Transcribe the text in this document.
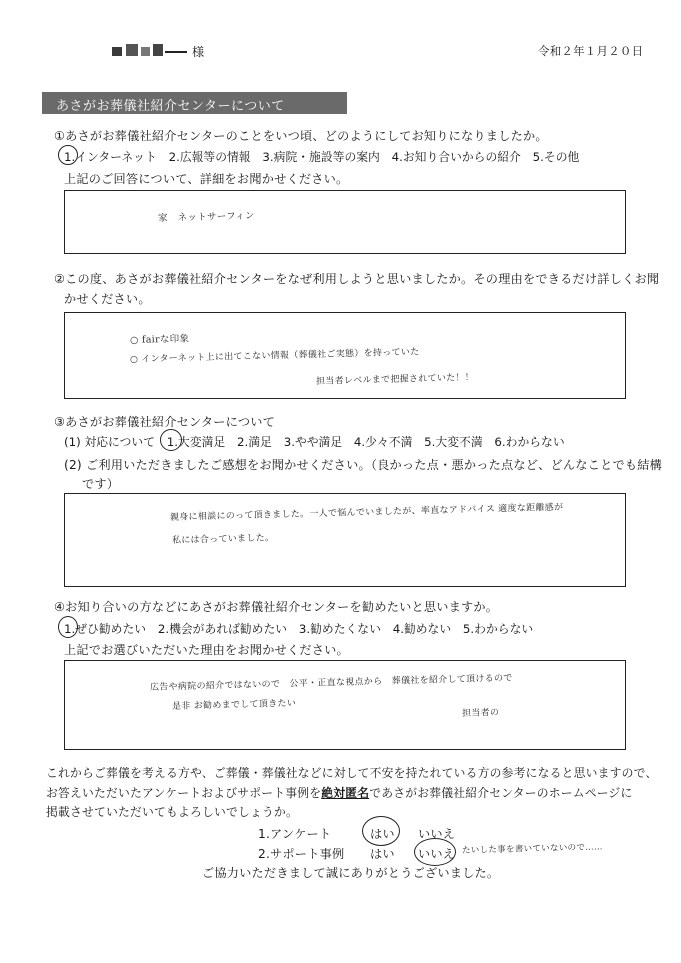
様	令和２年１月２０日
あさがお葬儀社紹介センターについて
①あさがお葬儀社紹介センターのことをいつ頃、どのようにしてお知りになりましたか。
1.インターネット　2.広報等の情報　3.病院・施設等の案内　4.お知り合いからの紹介　5.その他
上記のご回答について、詳細をお聞かせください。
家　ネットサーフィン
②この度、あさがお葬儀社紹介センターをなぜ利用しようと思いましたか。その理由をできるだけ詳しくお聞
かせください。
○ fairな印象
○ インターネット上に出てこない情報（葬儀社ご実態）を持っていた
担当者レベルまで把握されていた！！
③あさがお葬儀社紹介センターについて
(1) 対応について　1.大変満足　2.満足　3.やや満足　4.少々不満　5.大変不満　6.わからない
(2) ご利用いただきましたご感想をお聞かせください。（良かった点・悪かった点など、どんなことでも結構
です）
親身に相談にのって頂きました。一人で悩んでいましたが、率直なアドバイス 適度な距離感が
私には合っていました。
④お知り合いの方などにあさがお葬儀社紹介センターを勧めたいと思いますか。
1.ぜひ勧めたい　2.機会があれば勧めたい　3.勧めたくない　4.勧めない　5.わからない
上記でお選びいただいた理由をお聞かせください。
広告や病院の紹介ではないので　公平・正直な視点から　葬儀社を紹介して頂けるので
是非 お勧めまでして頂きたい
担当者の
これからご葬儀を考える方や、ご葬儀・葬儀社などに対して不安を持たれている方の参考になると思いますので、
お答えいただいたアンケートおよびサポート事例を絶対匿名であさがお葬儀社紹介センターのホームページに
掲載させていただいてもよろしいでしょうか。
1.アンケート	はい いいえ
2.サポート事例 はい いいえ たいした事を書いていないので……
ご協力いただきまして誠にありがとうございました。
